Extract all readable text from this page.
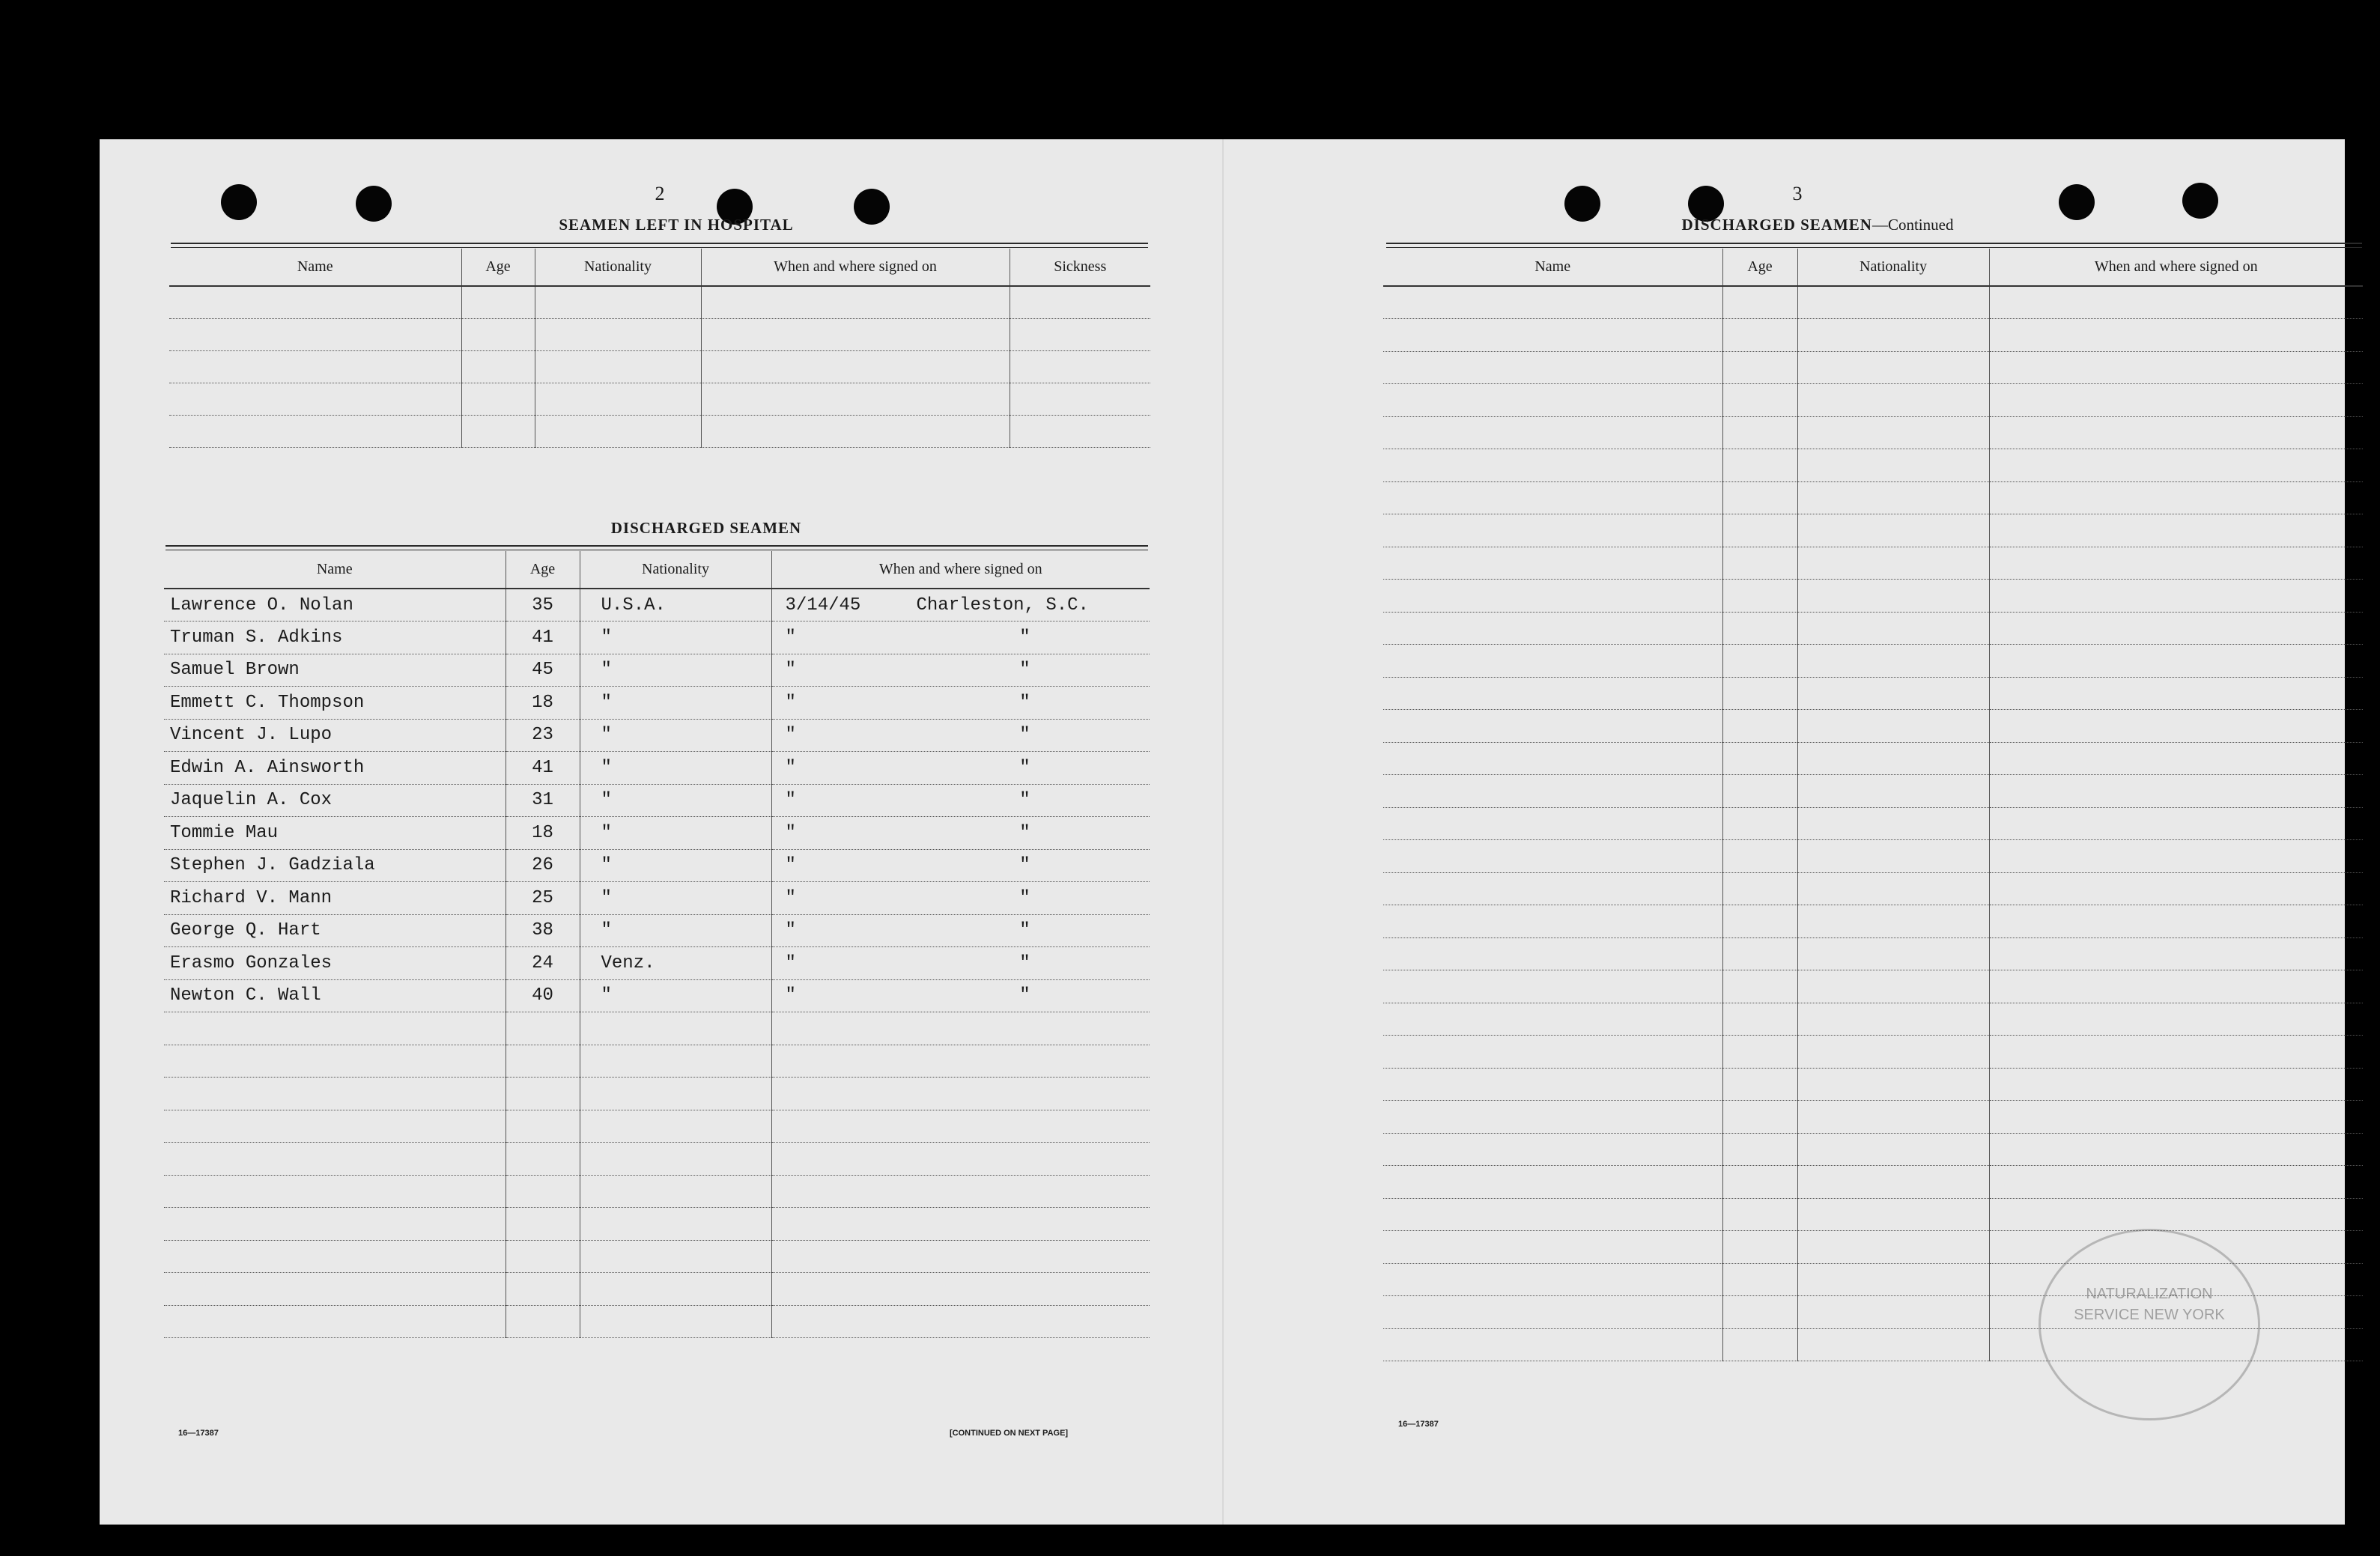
2
SEAMEN LEFT IN HOSPITAL
Name	Age	Nationality	When and where signed on	Sickness

DISCHARGED SEAMEN
Name	Age	Nationality	When and where signed on
Lawrence O. Nolan	35	U.S.A.	3/14/45 Charleston, S.C.
Truman S. Adkins	41	"	" "
Samuel Brown	45	"	" "
Emmett C. Thompson	18	"	" "
Vincent J. Lupo	23	"	" "
Edwin A. Ainsworth	41	"	" "
Jaquelin A. Cox	31	"	" "
Tommie Mau	18	"	" "
Stephen J. Gadziala	26	"	" "
Richard V. Mann	25	"	" "
George Q. Hart	38	"	" "
Erasmo Gonzales	24	Venz.	" "
Newton C. Wall	40	"	" "

16—17387	[CONTINUED ON NEXT PAGE]
3
DISCHARGED SEAMEN—Continued
Name	Age	Nationality	When and where signed on

16—17387
NATURALIZATION SERVICE NEW YORK
